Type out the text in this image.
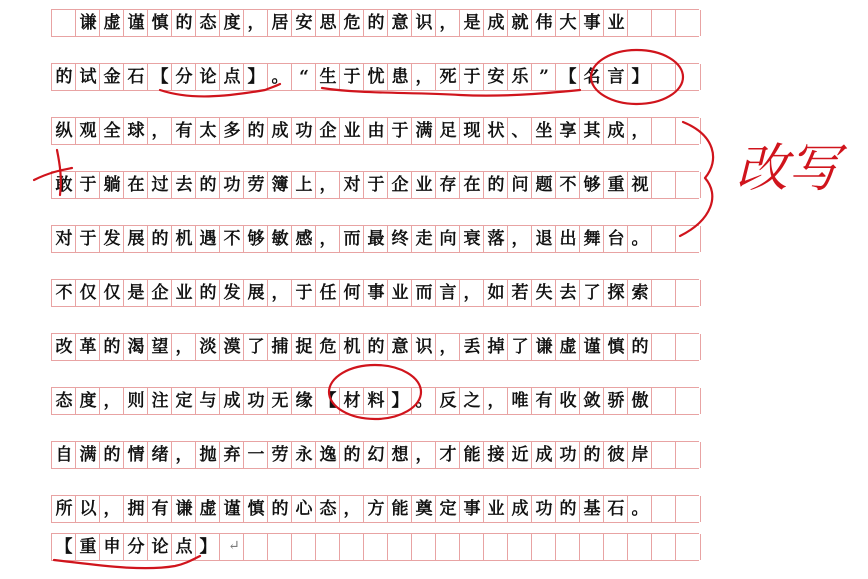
谦 虚 谨 慎 的 态 度 ， 居 安 思 危 的 意 识 ， 是 成 就 伟 大 事 业
的 试 金 石 【 分 论 点 】 。 “ 生 于 忧 患 ， 死 于 安 乐 ” 【 名 言 】
纵 观 全 球 ， 有 太 多 的 成 功 企 业 由 于 满 足 现 状 、 坐 享 其 成 ，
敢 于 躺 在 过 去 的 功 劳 簿 上 ， 对 于 企 业 存 在 的 问 题 不 够 重 视
对 于 发 展 的 机 遇 不 够 敏 感 ， 而 最 终 走 向 衰 落 ， 退 出 舞 台 。
不 仅 仅 是 企 业 的 发 展 ， 于 任 何 事 业 而 言 ， 如 若 失 去 了 探 索
改 革 的 渴 望 ， 淡 漠 了 捕 捉 危 机 的 意 识 ， 丢 掉 了 谦 虚 谨 慎 的
态 度 ， 则 注 定 与 成 功 无 缘 【 材 料 】 。 反 之 ， 唯 有 收 敛 骄 傲
自 满 的 情 绪 ， 抛 弃 一 劳 永 逸 的 幻 想 ， 才 能 接 近 成 功 的 彼 岸
所 以 ， 拥 有 谦 虚 谨 慎 的 心 态 ， 方 能 奠 定 事 业 成 功 的 基 石 。
【 重 申 分 论 点 】 ↵
改写
